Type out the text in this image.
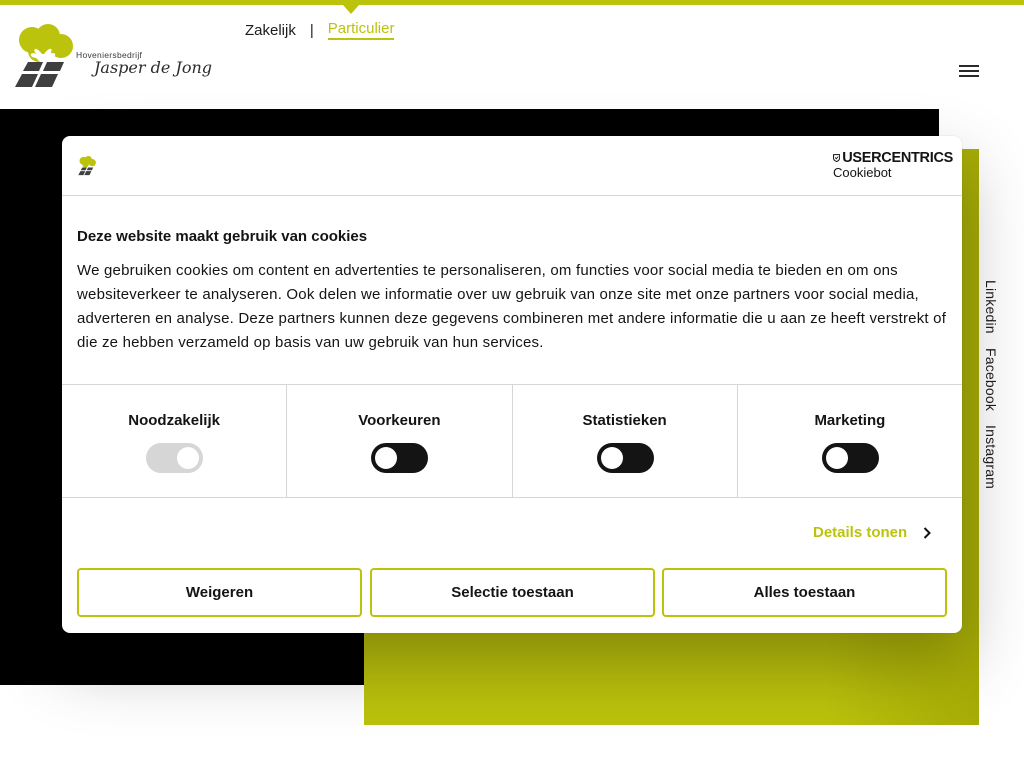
Hoveniersbedrijf
Jasper de Jong
Zakelijk | Particulier
Linkedin
Facebook
Instagram
USERCENTRICS
Cookiebot
Deze website maakt gebruik van cookies
We gebruiken cookies om content en advertenties te personaliseren, om functies voor social media te bieden en om ons websiteverkeer te analyseren. Ook delen we informatie over uw gebruik van onze site met onze partners voor social media, adverteren en analyse. Deze partners kunnen deze gegevens combineren met andere informatie die u aan ze heeft verstrekt of die ze hebben verzameld op basis van uw gebruik van hun services.
Noodzakelijk	Voorkeuren	Statistieken	Marketing
Details tonen
Weigeren	Selectie toestaan	Alles toestaan
